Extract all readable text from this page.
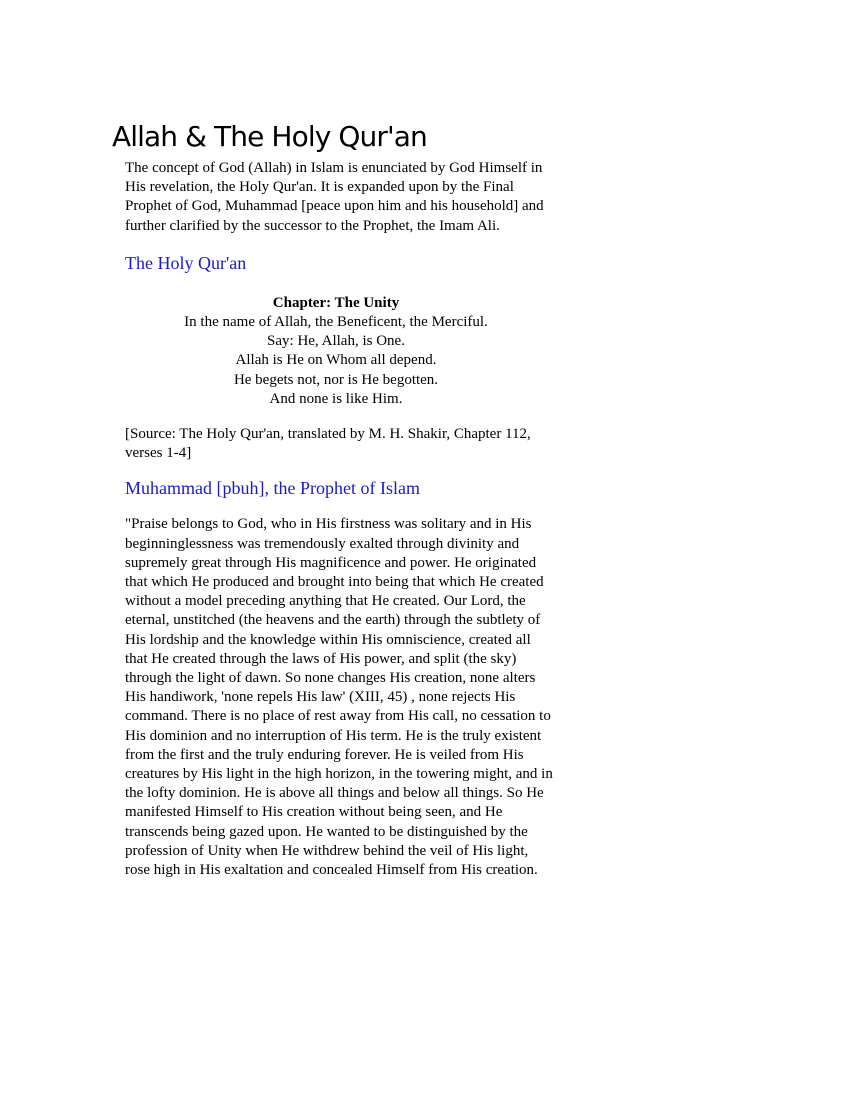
Allah & The Holy Qur'an

The concept of God (Allah) in Islam is enunciated by God Himself in His revelation, the Holy Qur'an. It is expanded upon by the Final Prophet of God, Muhammad [peace upon him and his household] and further clarified by the successor to the Prophet, the Imam Ali.

The Holy Qur'an

Chapter: The Unity

In the name of Allah, the Beneficent, the Merciful.

Say: He, Allah, is One.

Allah is He on Whom all depend.

He begets not, nor is He begotten.

And none is like Him.

[Source: The Holy Qur'an, translated by M. H. Shakir, Chapter 112, verses 1-4]

Muhammad [pbuh], the Prophet of Islam

"Praise belongs to God, who in His firstness was solitary and in His beginninglessness was tremendously exalted through divinity and supremely great through His magnificence and power. He originated that which He produced and brought into being that which He created without a model preceding anything that He created. Our Lord, the eternal, unstitched (the heavens and the earth) through the subtlety of His lordship and the knowledge within His omniscience, created all that He created through the laws of His power, and split (the sky) through the light of dawn. So none changes His creation, none alters His handiwork, 'none repels His law' (XIII, 45) , none rejects His command. There is no place of rest away from His call, no cessation to His dominion and no interruption of His term. He is the truly existent from the first and the truly enduring forever. He is veiled from His creatures by His light in the high horizon, in the towering might, and in the lofty dominion. He is above all things and below all things. So He manifested Himself to His creation without being seen, and He transcends being gazed upon. He wanted to be distinguished by the profession of Unity when He withdrew behind the veil of His light, rose high in His exaltation and concealed Himself from His creation.
